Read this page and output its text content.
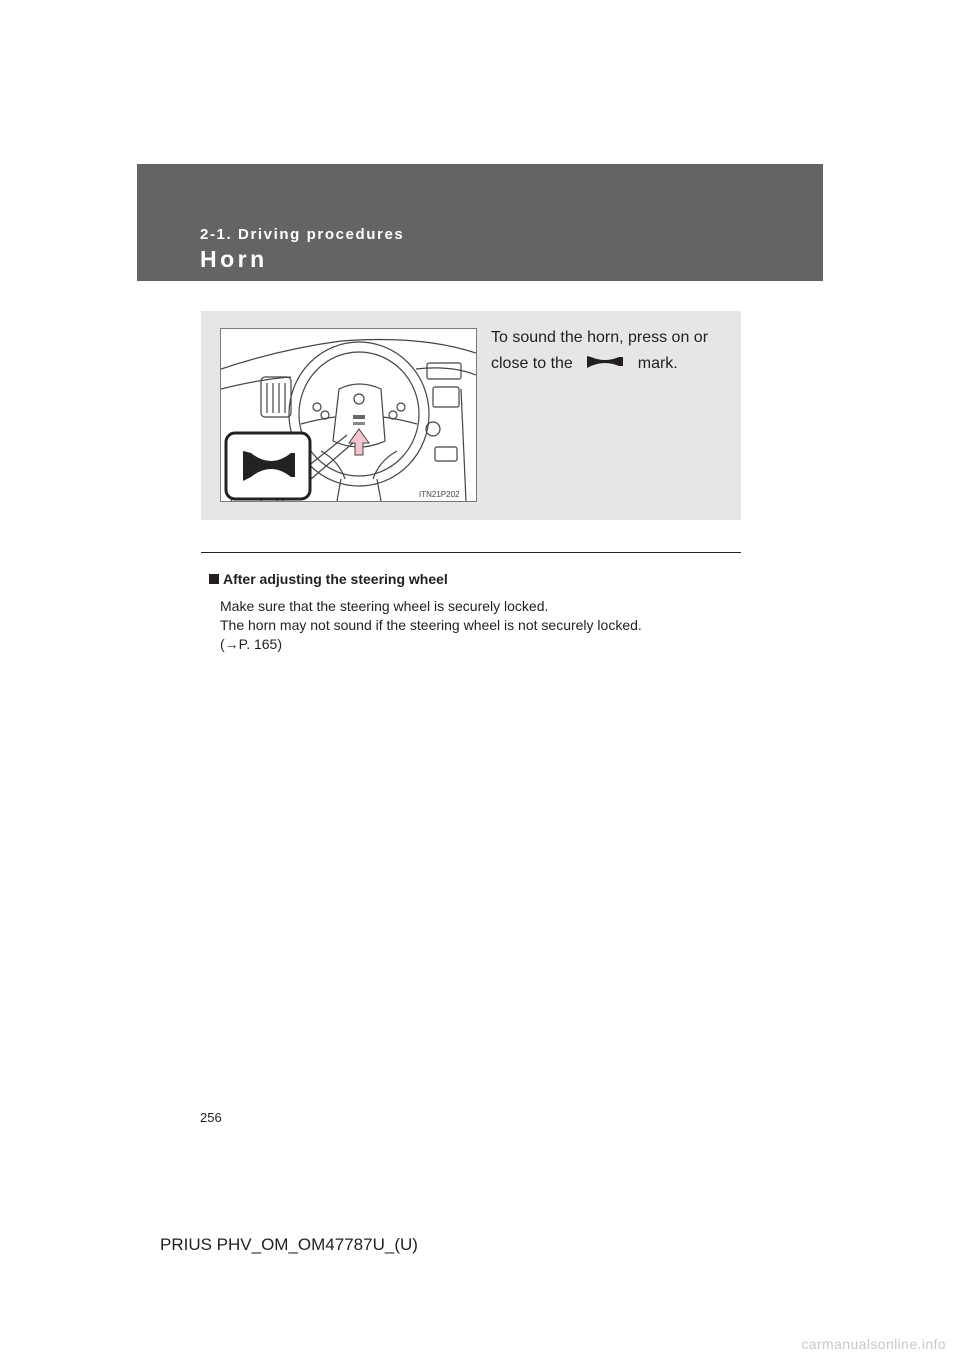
2-1. Driving procedures
Horn
ITN21P202
To sound the horn, press on or
close to the	mark.
After adjusting the steering wheel

Make sure that the steering wheel is securely locked.

The horn may not sound if the steering wheel is not securely locked.

(→P. 165)

256
PRIUS PHV_OM_OM47787U_(U)
carmanualsonline.info
